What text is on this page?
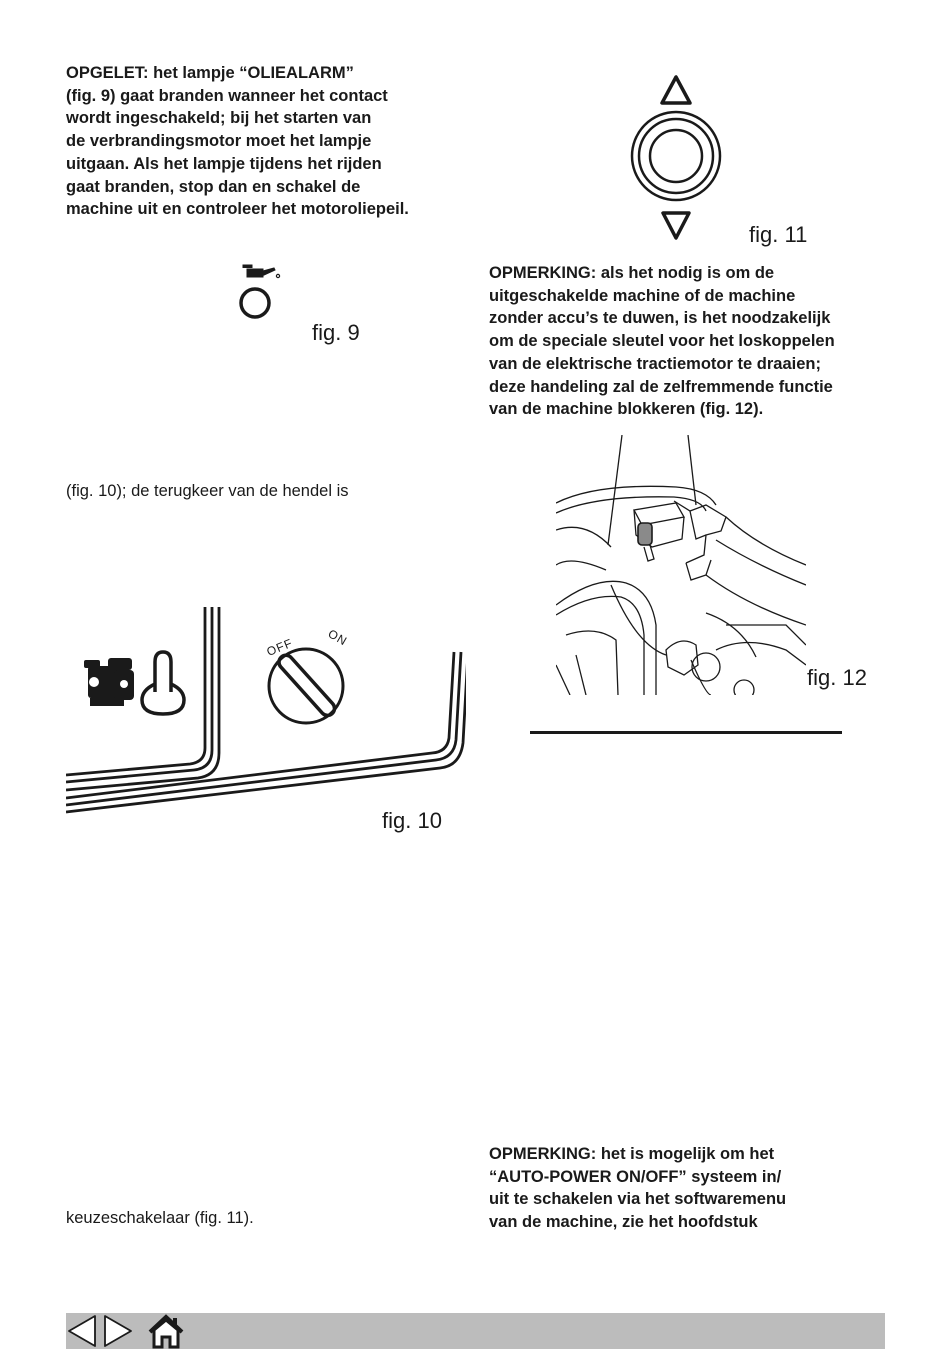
OPGELET: het lampje “OLIEALARM”
(fig. 9) gaat branden wanneer het contact
wordt ingeschakeld; bij het starten van
de verbrandingsmotor moet het lampje
uitgaan. Als het lampje tijdens het rijden
gaat branden, stop dan en schakel de
machine uit en controleer het motoroliepeil.
fig. 9
fig. 11
OPMERKING: als het nodig is om de
uitgeschakelde machine of de machine
zonder accu’s te duwen, is het noodzakelijk
om de speciale sleutel voor het loskoppelen
van de elektrische tractiemotor te draaien;
deze handeling zal de zelfremmende functie
van de machine blokkeren (fig. 12).
(fig. 10); de terugkeer van de hendel is
fig. 12
OFF	ON
fig. 10
OPMERKING: het is mogelijk om het
“AUTO-POWER ON/OFF” systeem in/
uit te schakelen via het softwaremenu
van de machine, zie het hoofdstuk
keuzeschakelaar (fig. 11).
